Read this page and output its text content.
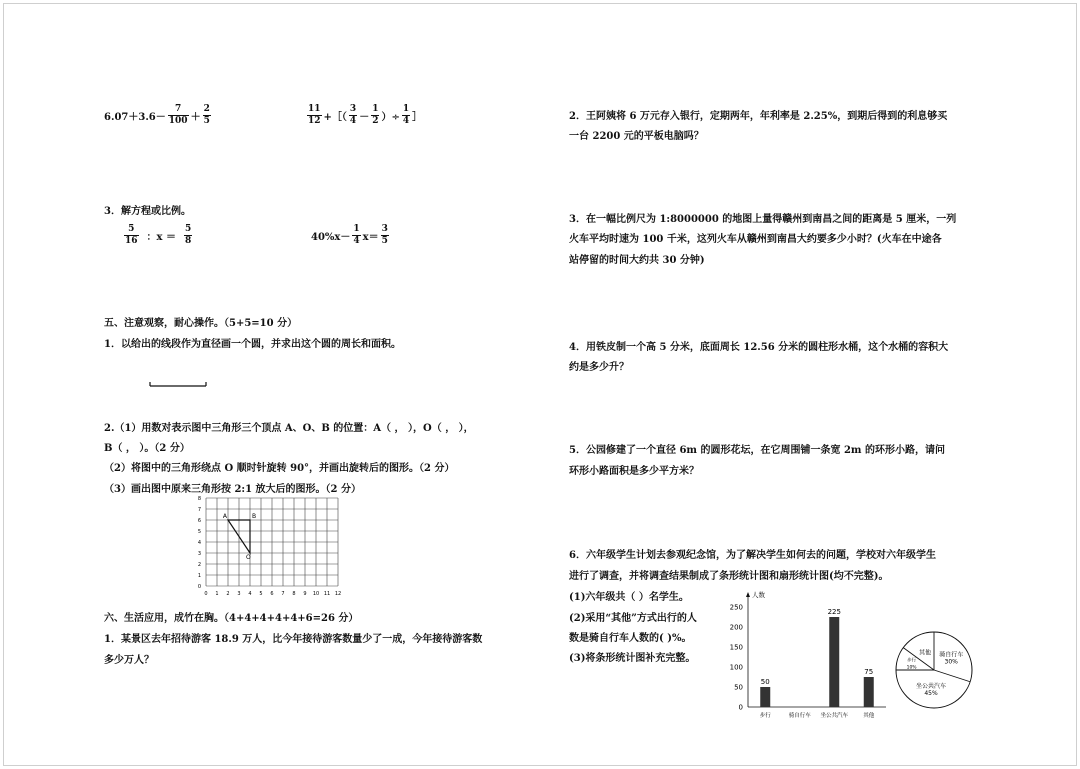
$6.07+3.6- \frac{7}{100} + \frac{2}{5}$	$\frac{11}{12}$ +［（ $\frac{3}{4} - \frac{1}{2}$ ）÷ $\frac{1}{4}$ ］
3．解方程或比例。
$\frac{5}{16}$ ：$x = \frac{5}{8}$	$40\%x- \frac{1}{4} x= \frac{3}{5}$
五、注意观察，耐心操作。（5+5=10 分）
1．以给出的线段作为直径画一个圆，并求出这个圆的周长和面积。
2.（1）用数对表示图中三角形三个顶点 A、O、B 的位置：A（ ， ），O（ ， ），
B（ ， ）。（2 分）
（2）将图中的三角形绕点 O 顺时针旋转 90°，并画出旋转后的图形。（2 分）
（3）画出图中原来三角形按 2:1 放大后的图形。（2 分）
0 1 2 3 4 5 6 7 8 9 10 11 12
0
1
2
3
4
5
6
7
8
A	B
O
六、生活应用，成竹在胸。（4+4+4+4+4+6=26 分）
1．某景区去年招待游客 18.9 万人，比今年接待游客数量少了一成，今年接待游客数
多少万人？
2．王阿姨将 6 万元存入银行，定期两年，年利率是 2.25%，到期后得到的利息够买
一台 2200 元的平板电脑吗？
3．在一幅比例尺为 1:8000000 的地图上量得赣州到南昌之间的距离是 5 厘米，一列
火车平均时速为 100 千米，这列火车从赣州到南昌大约要多少小时？(火车在中途各
站停留的时间大约共 30 分钟)
4．用铁皮制一个高 5 分米，底面周长 12.56 分米的圆柱形水桶，这个水桶的容积大
约是多少升？
5．公园修建了一个直径 6m 的圆形花坛，在它周围铺一条宽 2m 的环形小路，请问
环形小路面积是多少平方米？
6．六年级学生计划去参观纪念馆，为了解决学生如何去的问题，学校对六年级学生
进行了调查，并将调查结果制成了条形统计图和扇形统计图(均不完整)。
(1)六年级共（ ）名学生。
(2)采用“其他”方式出行的人
数是骑自行车人数的( )%。
(3)将条形统计图补充完整。
人数
0
50
100
150
200
250
步行
50
骑自行车 坐公共汽车
225
其他
75
骑自行车
30%
坐公共汽车
45%
步行
10%
其他
